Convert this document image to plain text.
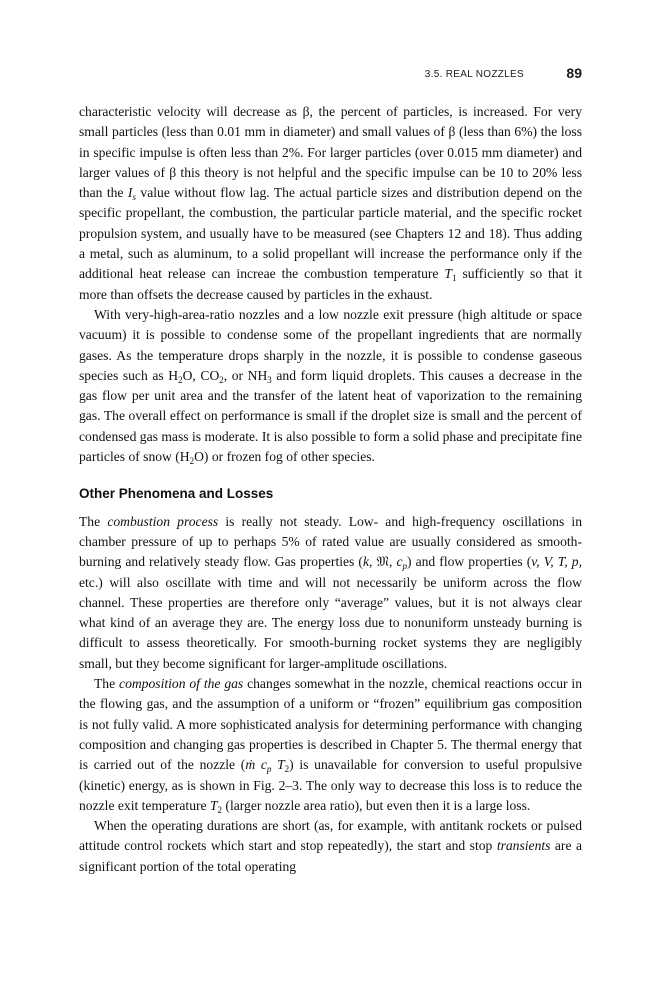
3.5. REAL NOZZLES	89

characteristic velocity will decrease as β, the percent of particles, is increased. For very small particles (less than 0.01 mm in diameter) and small values of β (less than 6%) the loss in specific impulse is often less than 2%. For larger particles (over 0.015 mm diameter) and larger values of β this theory is not helpful and the specific impulse can be 10 to 20% less than the $I_s$ value without flow lag. The actual particle sizes and distribution depend on the specific propellant, the combustion, the particular particle material, and the specific rocket propulsion system, and usually have to be measured (see Chapters 12 and 18). Thus adding a metal, such as aluminum, to a solid propellant will increase the performance only if the additional heat release can increae the combustion temperature $T_1$ sufficiently so that it more than offsets the decrease caused by particles in the exhaust.

With very-high-area-ratio nozzles and a low nozzle exit pressure (high altitude or space vacuum) it is possible to condense some of the propellant ingredients that are normally gases. As the temperature drops sharply in the nozzle, it is possible to condense gaseous species such as $H_2O$, $CO_2$, or $NH_3$ and form liquid droplets. This causes a decrease in the gas flow per unit area and the transfer of the latent heat of vaporization to the remaining gas. The overall effect on performance is small if the droplet size is small and the percent of condensed gas mass is moderate. It is also possible to form a solid phase and precipitate fine particles of snow $(H_2O)$ or frozen fog of other species.

Other Phenomena and Losses

The combustion process is really not steady. Low- and high-frequency oscillations in chamber pressure of up to perhaps 5% of rated value are usually considered as smooth-burning and relatively steady flow. Gas properties (k, 𝔐, $c_p$) and flow properties (v, V, T, p, etc.) will also oscillate with time and will not necessarily be uniform across the flow channel. These properties are therefore only “average” values, but it is not always clear what kind of an average they are. The energy loss due to nonuniform unsteady burning is difficult to assess theoretically. For smooth-burning rocket systems they are negligibly small, but they become significant for larger-amplitude oscillations.

The composition of the gas changes somewhat in the nozzle, chemical reactions occur in the flowing gas, and the assumption of a uniform or “frozen” equilibrium gas composition is not fully valid. A more sophisticated analysis for determining performance with changing composition and changing gas properties is described in Chapter 5. The thermal energy that is carried out of the nozzle (ṁ $c_p$ $T_2$) is unavailable for conversion to useful propulsive (kinetic) energy, as is shown in Fig. 2–3. The only way to decrease this loss is to reduce the nozzle exit temperature $T_2$ (larger nozzle area ratio), but even then it is a large loss.

When the operating durations are short (as, for example, with antitank rockets or pulsed attitude control rockets which start and stop repeatedly), the start and stop transients are a significant portion of the total operating
